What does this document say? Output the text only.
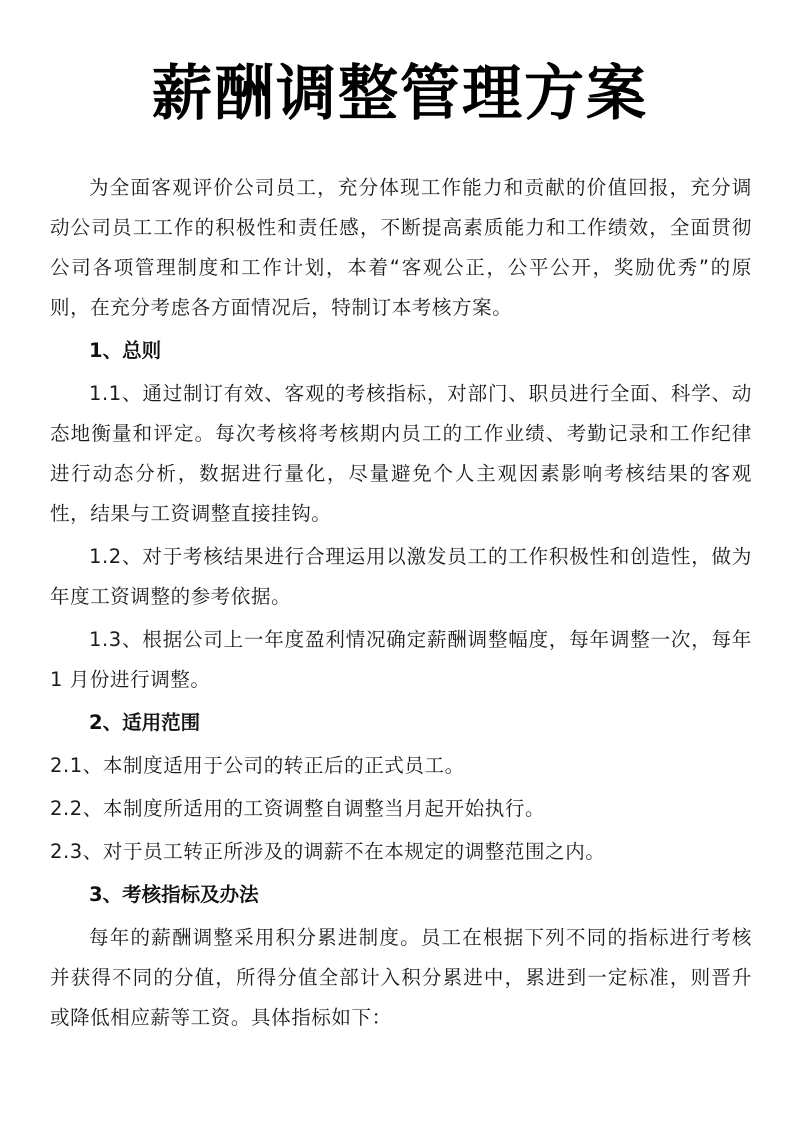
薪酬调整管理方案

为全面客观评价公司员工，充分体现工作能力和贡献的价值回报，充分调动公司员工工作的积极性和责任感，不断提高素质能力和工作绩效，全面贯彻公司各项管理制度和工作计划，本着“客观公正，公平公开，奖励优秀”的原则，在充分考虑各方面情况后，特制订本考核方案。

1、总则

1.1、通过制订有效、客观的考核指标，对部门、职员进行全面、科学、动态地衡量和评定。每次考核将考核期内员工的工作业绩、考勤记录和工作纪律进行动态分析，数据进行量化，尽量避免个人主观因素影响考核结果的客观性，结果与工资调整直接挂钩。

1.2、对于考核结果进行合理运用以激发员工的工作积极性和创造性，做为年度工资调整的参考依据。

1.3、根据公司上一年度盈利情况确定薪酬调整幅度，每年调整一次，每年 1 月份进行调整。

2、适用范围

2.1、本制度适用于公司的转正后的正式员工。

2.2、本制度所适用的工资调整自调整当月起开始执行。

2.3、对于员工转正所涉及的调薪不在本规定的调整范围之内。

3、考核指标及办法

每年的薪酬调整采用积分累进制度。员工在根据下列不同的指标进行考核并获得不同的分值，所得分值全部计入积分累进中，累进到一定标准，则晋升或降低相应薪等工资。具体指标如下：
